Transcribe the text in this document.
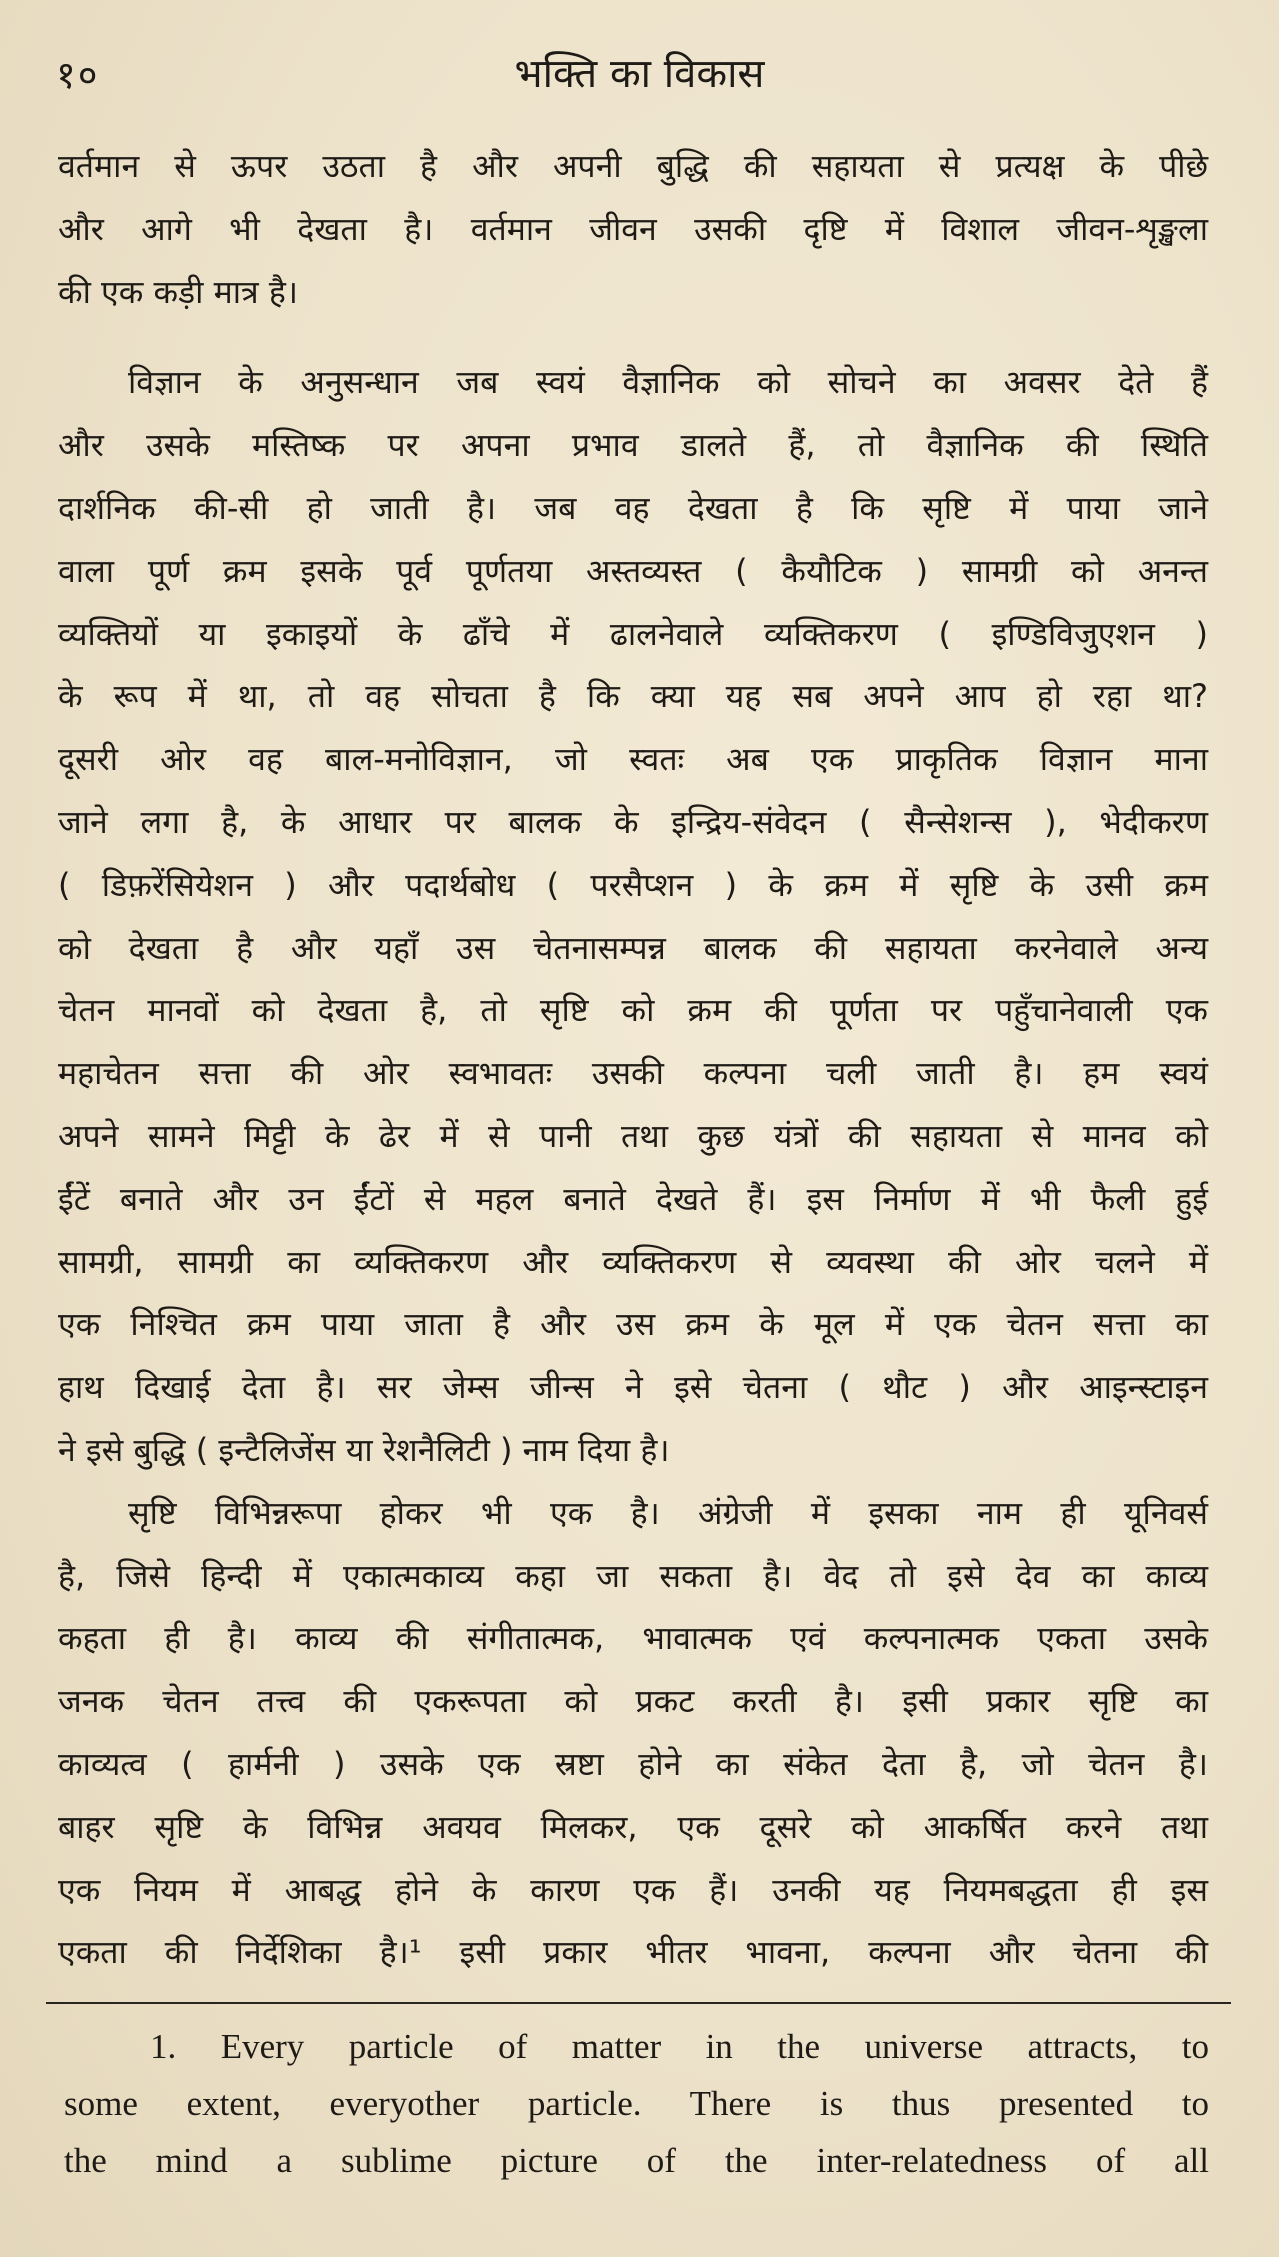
१०	भक्ति का विकास

वर्तमान से ऊपर उठता है और अपनी बुद्धि की सहायता से प्रत्यक्ष के पीछे

और आगे भी देखता है। वर्तमान जीवन उसकी दृष्टि में विशाल जीवन-शृङ्खला

की एक कड़ी मात्र है।

विज्ञान के अनुसन्धान जब स्वयं वैज्ञानिक को सोचने का अवसर देते हैं

और उसके मस्तिष्क पर अपना प्रभाव डालते हैं, तो वैज्ञानिक की स्थिति

दार्शनिक की-सी हो जाती है। जब वह देखता है कि सृष्टि में पाया जाने

वाला पूर्ण क्रम इसके पूर्व पूर्णतया अस्तव्यस्त ( कैयौटिक ) सामग्री को अनन्त

व्यक्तियों या इकाइयों के ढाँचे में ढालनेवाले व्यक्तिकरण ( इण्डिविजुएशन )

के रूप में था, तो वह सोचता है कि क्या यह सब अपने आप हो रहा था?

दूसरी ओर वह बाल-मनोविज्ञान, जो स्वतः अब एक प्राकृतिक विज्ञान माना

जाने लगा है, के आधार पर बालक के इन्द्रिय-संवेदन ( सैन्सेशन्स ), भेदीकरण

( डिफ़रेंसियेशन ) और पदार्थबोध ( परसैप्शन ) के क्रम में सृष्टि के उसी क्रम

को देखता है और यहाँ उस चेतनासम्पन्न बालक की सहायता करनेवाले अन्य

चेतन मानवों को देखता है, तो सृष्टि को क्रम की पूर्णता पर पहुँचानेवाली एक

महाचेतन सत्ता की ओर स्वभावतः उसकी कल्पना चली जाती है। हम स्वयं

अपने सामने मिट्टी के ढेर में से पानी तथा कुछ यंत्रों की सहायता से मानव को

ईंटें बनाते और उन ईंटों से महल बनाते देखते हैं। इस निर्माण में भी फैली हुई

सामग्री, सामग्री का व्यक्तिकरण और व्यक्तिकरण से व्यवस्था की ओर चलने में

एक निश्चित क्रम पाया जाता है और उस क्रम के मूल में एक चेतन सत्ता का

हाथ दिखाई देता है। सर जेम्स जीन्स ने इसे चेतना ( थौट ) और आइन्स्टाइन

ने इसे बुद्धि ( इन्टैलिजेंस या रेशनैलिटी ) नाम दिया है।

सृष्टि विभिन्नरूपा होकर भी एक है। अंग्रेजी में इसका नाम ही यूनिवर्स

है, जिसे हिन्दी में एकात्मकाव्य कहा जा सकता है। वेद तो इसे देव का काव्य

कहता ही है। काव्य की संगीतात्मक, भावात्मक एवं कल्पनात्मक एकता उसके

जनक चेतन तत्त्व की एकरूपता को प्रकट करती है। इसी प्रकार सृष्टि का

काव्यत्व ( हार्मनी ) उसके एक स्रष्टा होने का संकेत देता है, जो चेतन है।

बाहर सृष्टि के विभिन्न अवयव मिलकर, एक दूसरे को आकर्षित करने तथा

एक नियम में आबद्ध होने के कारण एक हैं। उनकी यह नियमबद्धता ही इस

एकता की निर्देशिका है।¹ इसी प्रकार भीतर भावना, कल्पना और चेतना की

1. Every particle of matter in the universe attracts, to

some extent, everyother particle. There is thus presented to

the mind a sublime picture of the inter-relatedness of all
